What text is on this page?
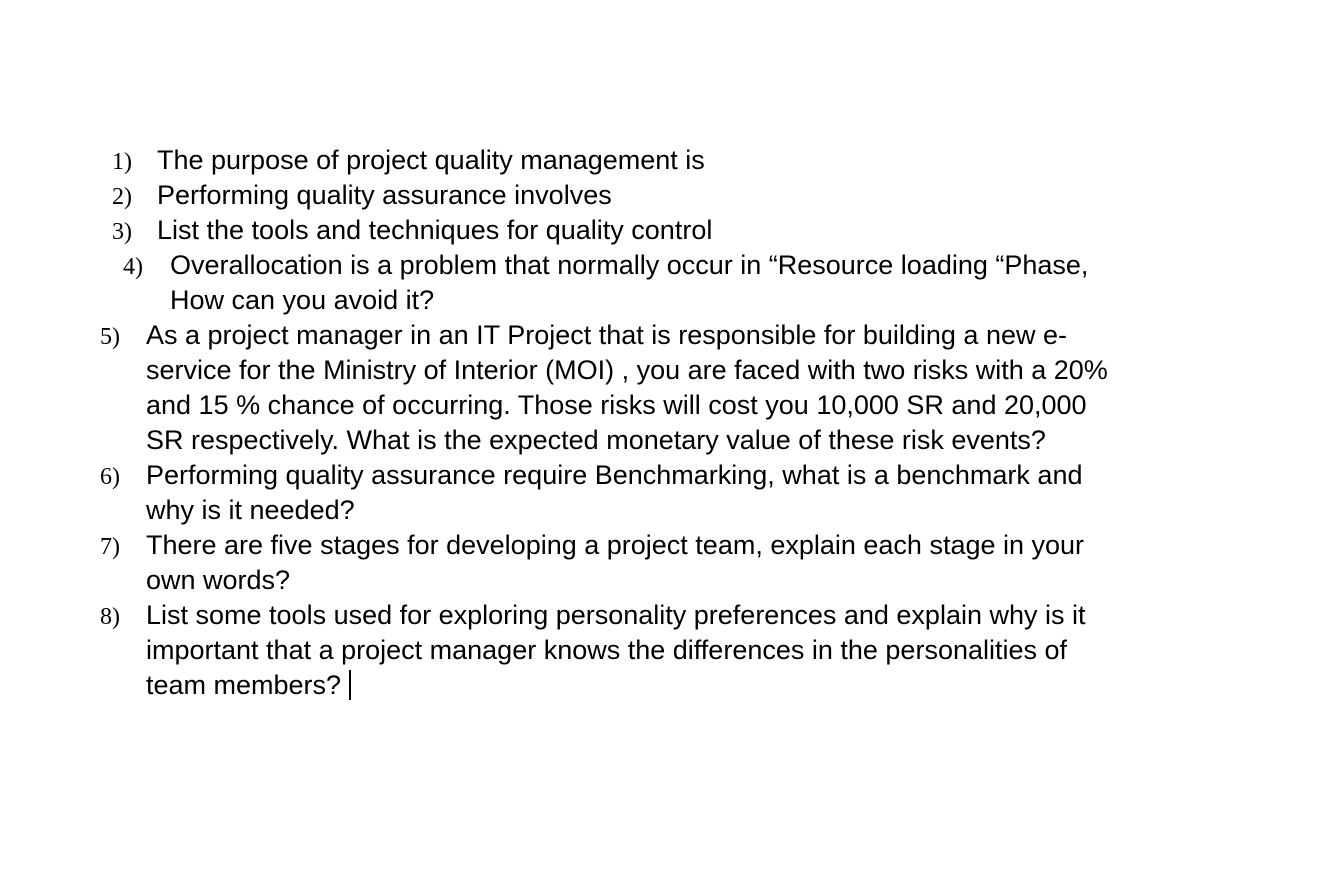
1) The purpose of project quality management is
2) Performing quality assurance involves
3) List the tools and techniques for quality control
4) Overallocation is a problem that normally occur in “Resource loading “Phase,
How can you avoid it?
5) As a project manager in an IT Project that is responsible for building a new e-
service for the Ministry of Interior (MOI) , you are faced with two risks with a 20%
and 15 % chance of occurring. Those risks will cost you 10,000 SR and 20,000
SR respectively. What is the expected monetary value of these risk events?
6) Performing quality assurance require Benchmarking, what is a benchmark and
why is it needed?
7) There are five stages for developing a project team, explain each stage in your
own words?
8) List some tools used for exploring personality preferences and explain why is it
important that a project manager knows the differences in the personalities of
team members?
